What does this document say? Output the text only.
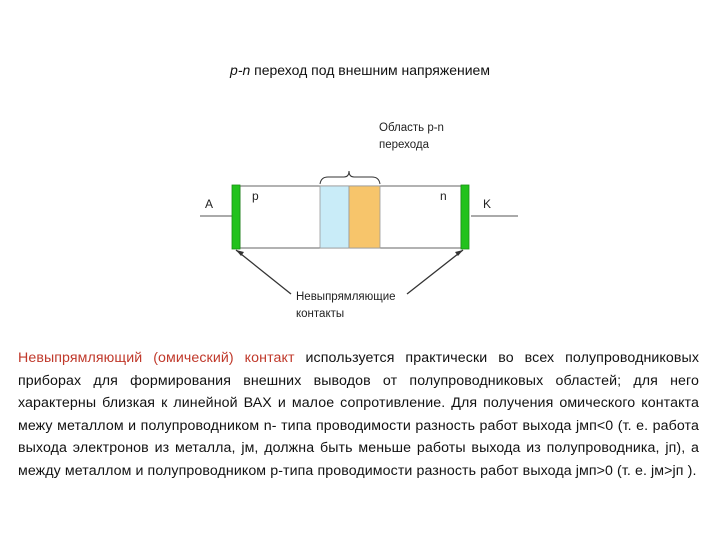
p-n переход под внешним напряжением
Область p-n
перехода
A
p	n
K
Невыпрямляющие
контакты
Невыпрямляющий (омический) контакт используется практически во всех полупроводниковых приборах для формирования внешних выводов от полупроводниковых областей; для него характерны близкая к линейной ВАХ и малое сопротивление. Для получения омического контакта межу металлом и полупроводником n- типа проводимости разность работ выхода jмп<0 (т. е. работа выхода электронов из металла, jм, должна быть меньше работы выхода из полупроводника, jп), а между металлом и полупроводником р-типа проводимости разность работ выхода jмп>0 (т. е. jм>jп ).
